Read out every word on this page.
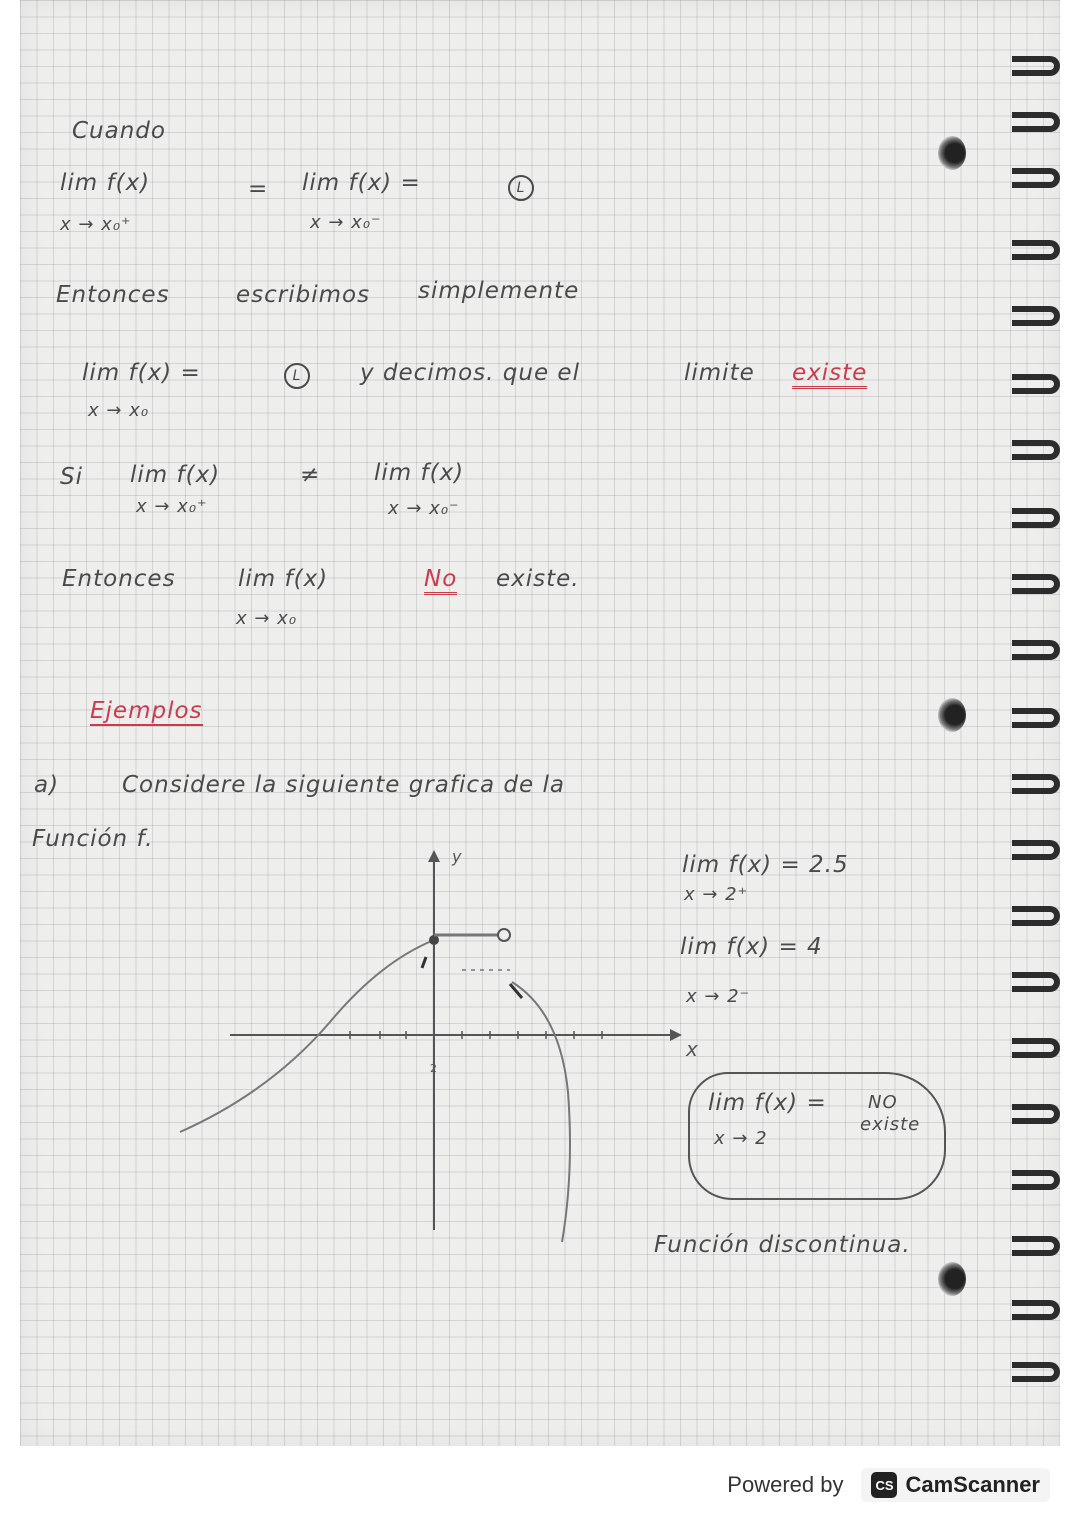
Cuando
lim f(x)
x → x₀⁺
= lim f(x) =
x → x₀⁻
L
Entonces	escribimos simplemente
lim f(x) =
x → x₀
L	y decimos. que el	limite existe
Si lim f(x)	≠ lim f(x)
x → x₀⁺	x → x₀⁻
Entonces	lim f(x)	No existe.
x → x₀
Ejemplos
a)	Considere la siguiente grafica de la
Función f.
y
x
2
lim f(x) = 2.5
x → 2⁺
lim f(x) = 4
x → 2⁻
lim f(x) =
x → 2
NO
existe
Función discontinua.
Powered by	CS CamScanner
